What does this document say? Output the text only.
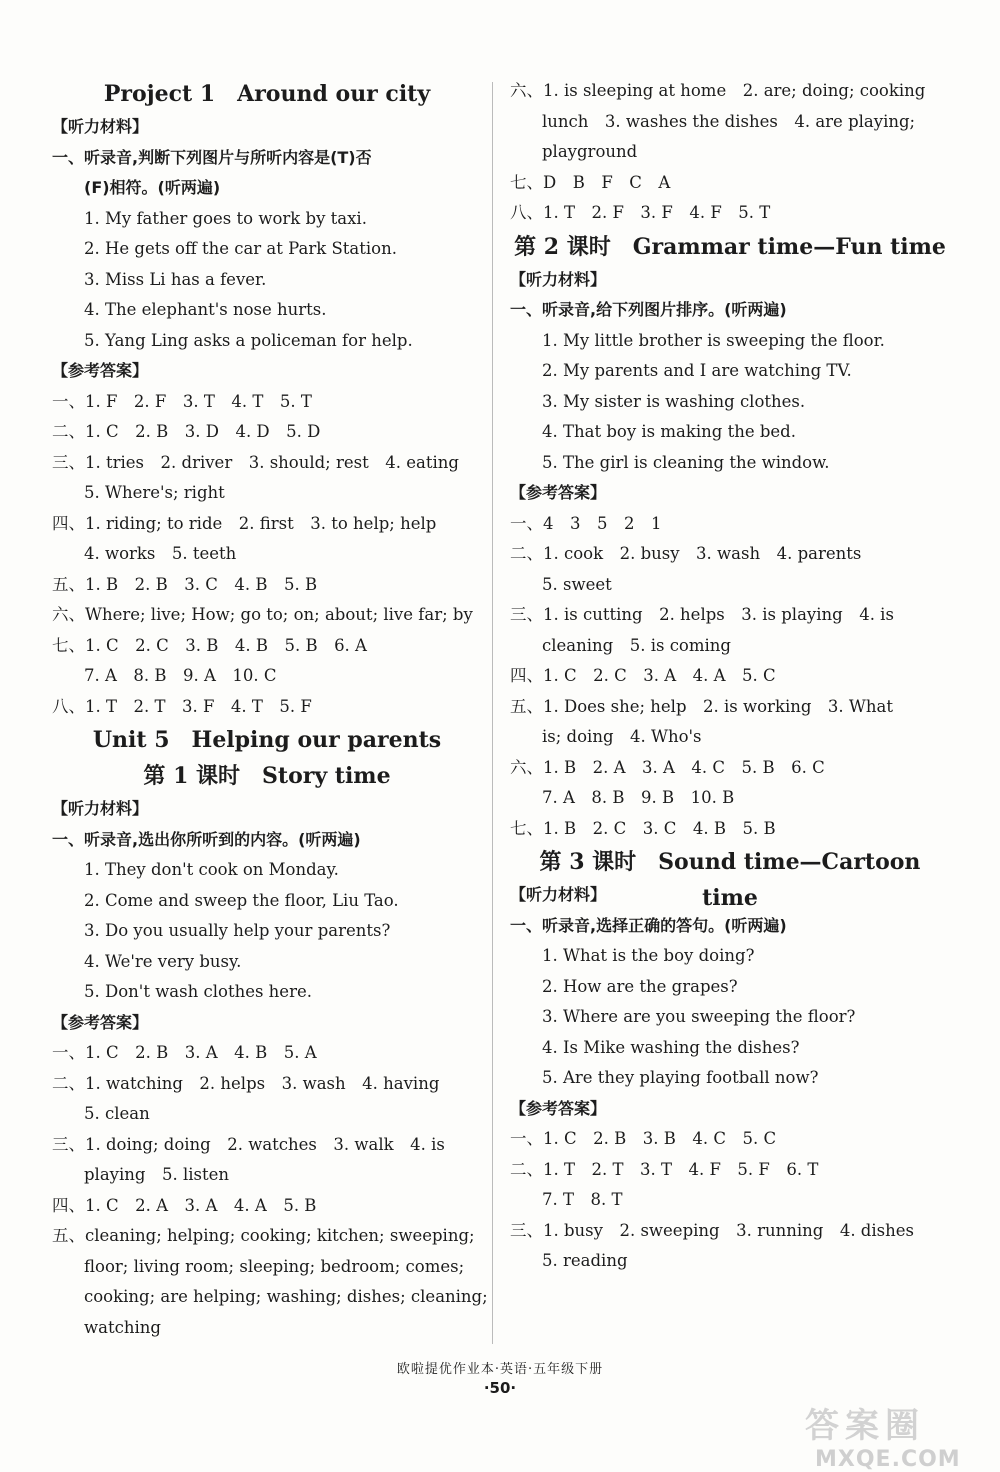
Project 1 Around our city
【听力材料】
一、听录音,判断下列图片与所听内容是(T)否
(F)相符。(听两遍)
1. My father goes to work by taxi.
2. He gets off the car at Park Station.
3. Miss Li has a fever.
4. The elephant's nose hurts.
5. Yang Ling asks a policeman for help.
【参考答案】
一、1. F 2. F 3. T 4. T 5. T
二、1. C 2. B 3. D 4. D 5. D
三、1. tries 2. driver 3. should; rest 4. eating
5. Where's; right
四、1. riding; to ride 2. first 3. to help; help
4. works 5. teeth
五、1. B 2. B 3. C 4. B 5. B
六、Where; live; How; go to; on; about; live far; by
七、1. C 2. C 3. B 4. B 5. B 6. A
7. A 8. B 9. A 10. C
八、1. T 2. T 3. F 4. T 5. F
Unit 5 Helping our parents
第 1 课时 Story time
【听力材料】
一、听录音,选出你所听到的内容。(听两遍)
1. They don't cook on Monday.
2. Come and sweep the floor, Liu Tao.
3. Do you usually help your parents?
4. We're very busy.
5. Don't wash clothes here.
【参考答案】
一、1. C 2. B 3. A 4. B 5. A
二、1. watching 2. helps 3. wash 4. having
5. clean
三、1. doing; doing 2. watches 3. walk 4. is
playing 5. listen
四、1. C 2. A 3. A 4. A 5. B
五、cleaning; helping; cooking; kitchen; sweeping;
floor; living room; sleeping; bedroom; comes;
cooking; are helping; washing; dishes; cleaning;
watching
六、1. is sleeping at home 2. are; doing; cooking
lunch 3. washes the dishes 4. are playing;
playground
七、D B F C A
八、1. T 2. F 3. F 4. F 5. T
第 2 课时 Grammar time—Fun time
【听力材料】
一、听录音,给下列图片排序。(听两遍)
1. My little brother is sweeping the floor.
2. My parents and I are watching TV.
3. My sister is washing clothes.
4. That boy is making the bed.
5. The girl is cleaning the window.
【参考答案】
一、4 3 5 2 1
二、1. cook 2. busy 3. wash 4. parents
5. sweet
三、1. is cutting 2. helps 3. is playing 4. is
cleaning 5. is coming
四、1. C 2. C 3. A 4. A 5. C
五、1. Does she; help 2. is working 3. What
is; doing 4. Who's
六、1. B 2. A 3. A 4. C 5. B 6. C
7. A 8. B 9. B 10. B
七、1. B 2. C 3. C 4. B 5. B
第 3 课时 Sound time—Cartoon time
【听力材料】
一、听录音,选择正确的答句。(听两遍)
1. What is the boy doing?
2. How are the grapes?
3. Where are you sweeping the floor?
4. Is Mike washing the dishes?
5. Are they playing football now?
【参考答案】
一、1. C 2. B 3. B 4. C 5. C
二、1. T 2. T 3. T 4. F 5. F 6. T
7. T 8. T
三、1. busy 2. sweeping 3. running 4. dishes
5. reading
欧啦提优作业本·英语·五年级下册
·50·
答案圈
MXQE.COM
